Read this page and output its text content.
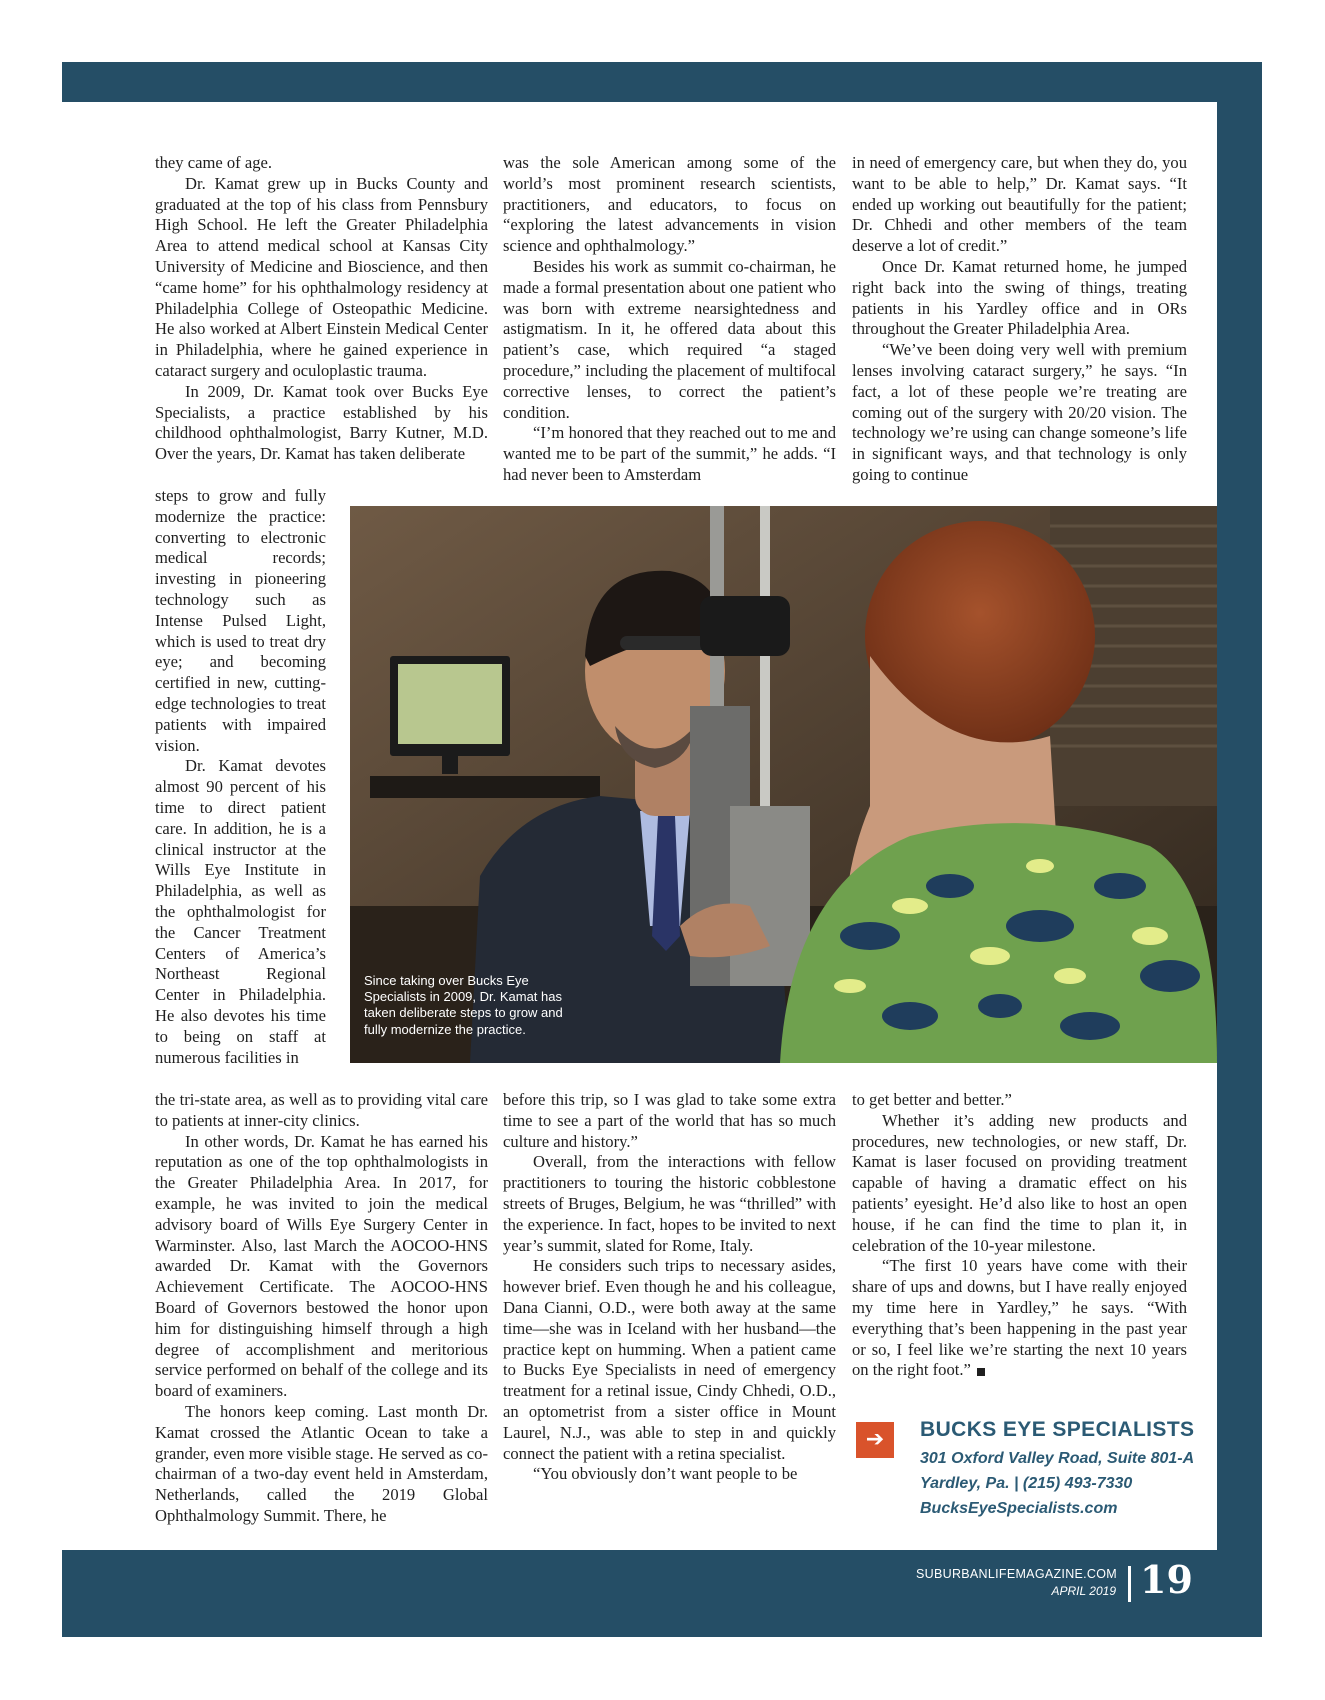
they came of age.

Dr. Kamat grew up in Bucks County and graduated at the top of his class from Pennsbury High School. He left the Greater Philadelphia Area to attend medical school at Kansas City University of Medicine and Bioscience, and then “came home” for his ophthalmology residency at Philadelphia College of Osteopathic Medicine. He also worked at Albert Einstein Medical Center in Philadelphia, where he gained experience in cataract surgery and oculoplastic trauma.

In 2009, Dr. Kamat took over Bucks Eye Specialists, a practice established by his childhood ophthalmologist, Barry Kutner, M.D. Over the years, Dr. Kamat has taken deliberate

steps to grow and fully modernize the practice: converting to electronic medical records; investing in pioneering technology such as Intense Pulsed Light, which is used to treat dry eye; and becoming certified in new, cutting-edge technologies to treat patients with impaired vision.

Dr. Kamat devotes almost 90 percent of his time to direct patient care. In addition, he is a clinical instructor at the Wills Eye Institute in Philadelphia, as well as the ophthalmologist for the Cancer Treatment Centers of America’s Northeast Regional Center in Philadelphia. He also devotes his time to being on staff at numerous facilities in

the tri-state area, as well as to providing vital care to patients at inner-city clinics.

In other words, Dr. Kamat he has earned his reputation as one of the top ophthalmologists in the Greater Philadelphia Area. In 2017, for example, he was invited to join the medical advisory board of Wills Eye Surgery Center in Warminster. Also, last March the AOCOO-HNS awarded Dr. Kamat with the Governors Achievement Certificate. The AOCOO-HNS Board of Governors bestowed the honor upon him for distinguishing himself through a high degree of accomplishment and meritorious service performed on behalf of the college and its board of examiners.

The honors keep coming. Last month Dr. Kamat crossed the Atlantic Ocean to take a grander, even more visible stage. He served as co-chairman of a two-day event held in Amsterdam, Netherlands, called the 2019 Global Ophthalmology Summit. There, he

was the sole American among some of the world’s most prominent research scientists, practitioners, and educators, to focus on “exploring the latest advancements in vision science and ophthalmology.”

Besides his work as summit co-chairman, he made a formal presentation about one patient who was born with extreme nearsightedness and astigmatism. In it, he offered data about this patient’s case, which required “a staged procedure,” including the placement of multifocal corrective lenses, to correct the patient’s condition.

“I’m honored that they reached out to me and wanted me to be part of the summit,” he adds. “I had never been to Amsterdam

before this trip, so I was glad to take some extra time to see a part of the world that has so much culture and history.”

Overall, from the interactions with fellow practitioners to touring the historic cobblestone streets of Bruges, Belgium, he was “thrilled” with the experience. In fact, hopes to be invited to next year’s summit, slated for Rome, Italy.

He considers such trips to necessary asides, however brief. Even though he and his colleague, Dana Cianni, O.D., were both away at the same time—she was in Iceland with her husband—the practice kept on humming. When a patient came to Bucks Eye Specialists in need of emergency treatment for a retinal issue, Cindy Chhedi, O.D., an optometrist from a sister office in Mount Laurel, N.J., was able to step in and quickly connect the patient with a retina specialist.

“You obviously don’t want people to be

in need of emergency care, but when they do, you want to be able to help,” Dr. Kamat says. “It ended up working out beautifully for the patient; Dr. Chhedi and other members of the team deserve a lot of credit.”

Once Dr. Kamat returned home, he jumped right back into the swing of things, treating patients in his Yardley office and in ORs throughout the Greater Philadelphia Area.

“We’ve been doing very well with premium lenses involving cataract surgery,” he says. “In fact, a lot of these people we’re treating are coming out of the surgery with 20/20 vision. The technology we’re using can change someone’s life in significant ways, and that technology is only going to continue

to get better and better.”

Whether it’s adding new products and procedures, new technologies, or new staff, Dr. Kamat is laser focused on providing treatment capable of having a dramatic effect on his patients’ eyesight. He’d also like to host an open house, if he can find the time to plan it, in celebration of the 10-year milestone.

“The first 10 years have come with their share of ups and downs, but I have really enjoyed my time here in Yardley,” he says. “With everything that’s been happening in the past year or so, I feel like we’re starting the next 10 years on the right foot.”

Since taking over Bucks Eye Specialists in 2009, Dr. Kamat has taken deliberate steps to grow and fully modernize the practice.
➔	BUCKS EYE SPECIALISTS
301 Oxford Valley Road, Suite 801-A
Yardley, Pa. | (215) 493-7330
BucksEyeSpecialists.com
SUBURBANLIFEMAGAZINE.COM
APRIL 2019 19
